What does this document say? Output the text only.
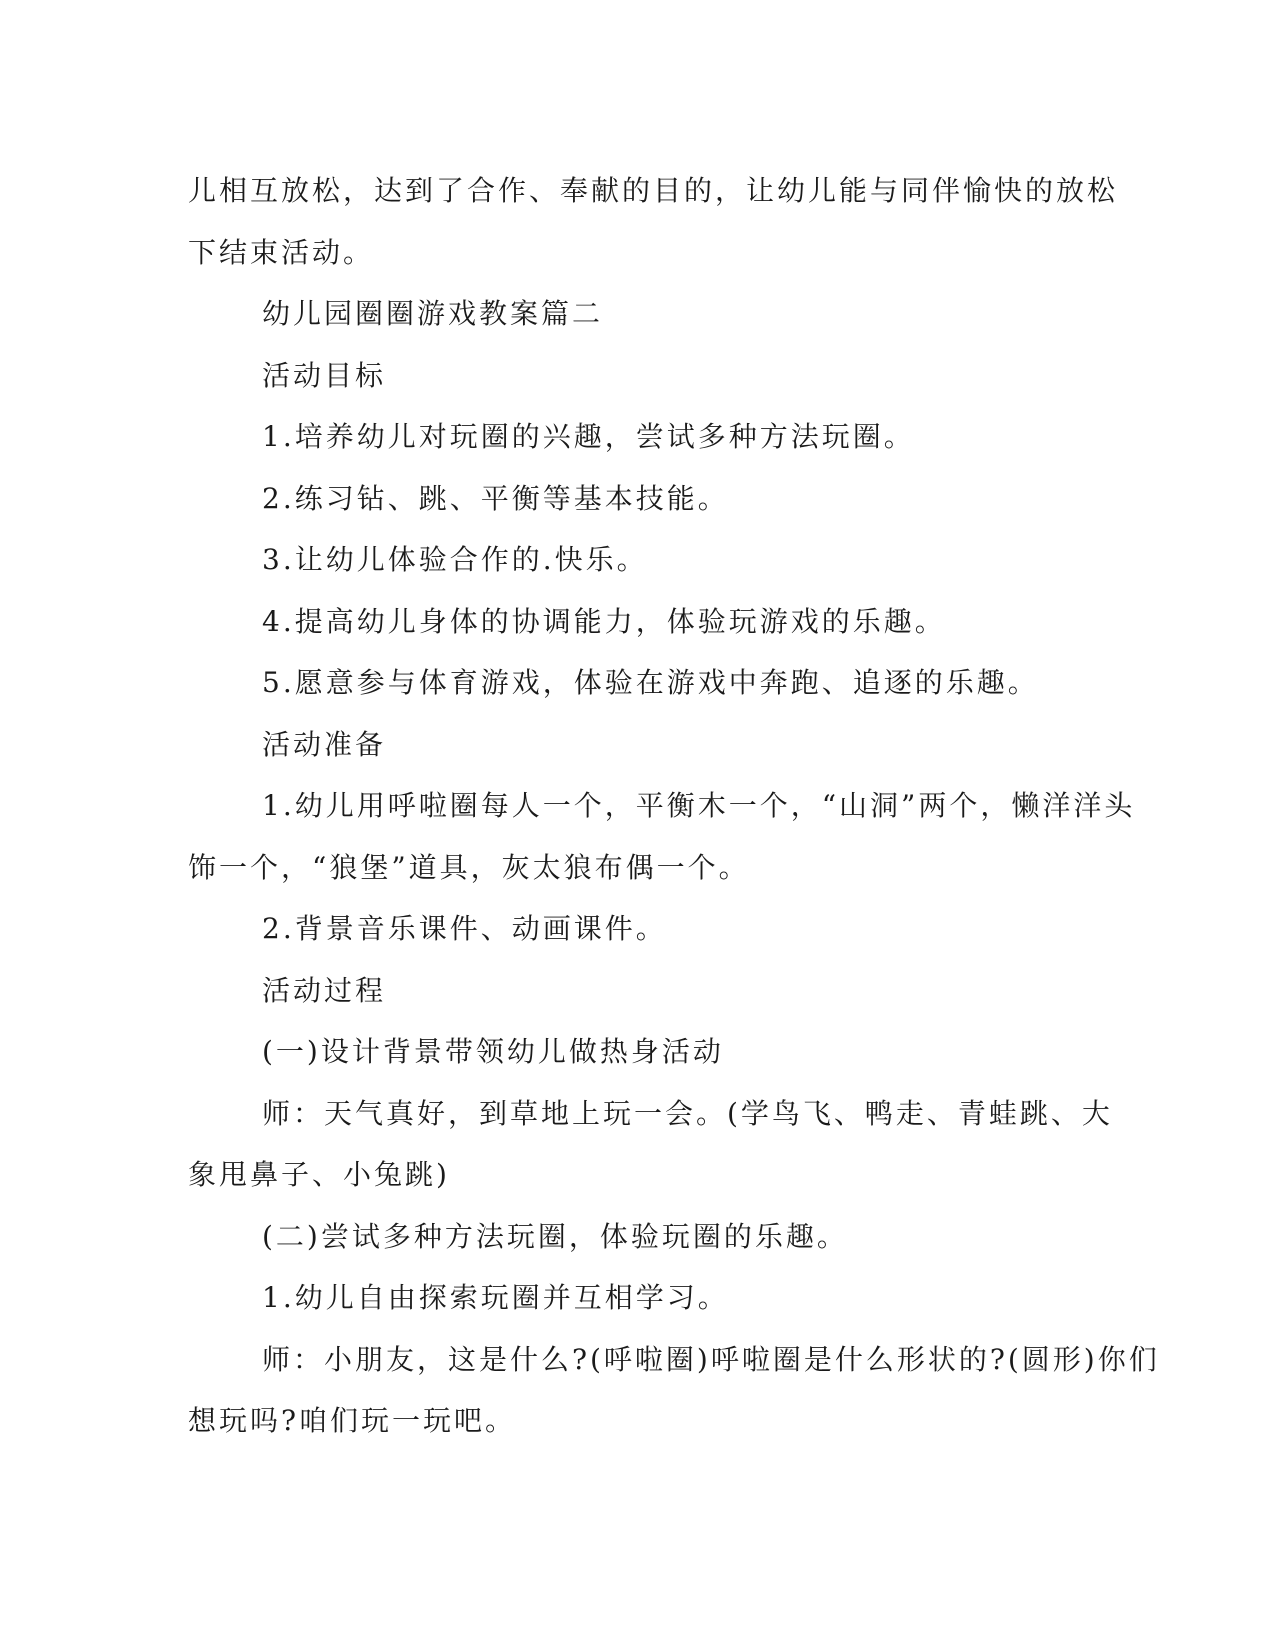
儿相互放松，达到了合作、奉献的目的，让幼儿能与同伴愉快的放松

下结束活动。

幼儿园圈圈游戏教案篇二

活动目标

1.培养幼儿对玩圈的兴趣，尝试多种方法玩圈。

2.练习钻、跳、平衡等基本技能。

3.让幼儿体验合作的.快乐。

4.提高幼儿身体的协调能力，体验玩游戏的乐趣。

5.愿意参与体育游戏，体验在游戏中奔跑、追逐的乐趣。

活动准备

1.幼儿用呼啦圈每人一个，平衡木一个，“山洞”两个，懒洋洋头

饰一个，“狼堡”道具，灰太狼布偶一个。

2.背景音乐课件、动画课件。

活动过程

(一)设计背景带领幼儿做热身活动

师：天气真好，到草地上玩一会。(学鸟飞、鸭走、青蛙跳、大

象甩鼻子、小兔跳)

(二)尝试多种方法玩圈，体验玩圈的乐趣。

1.幼儿自由探索玩圈并互相学习。

师：小朋友，这是什么?(呼啦圈)呼啦圈是什么形状的?(圆形)你们

想玩吗?咱们玩一玩吧。
